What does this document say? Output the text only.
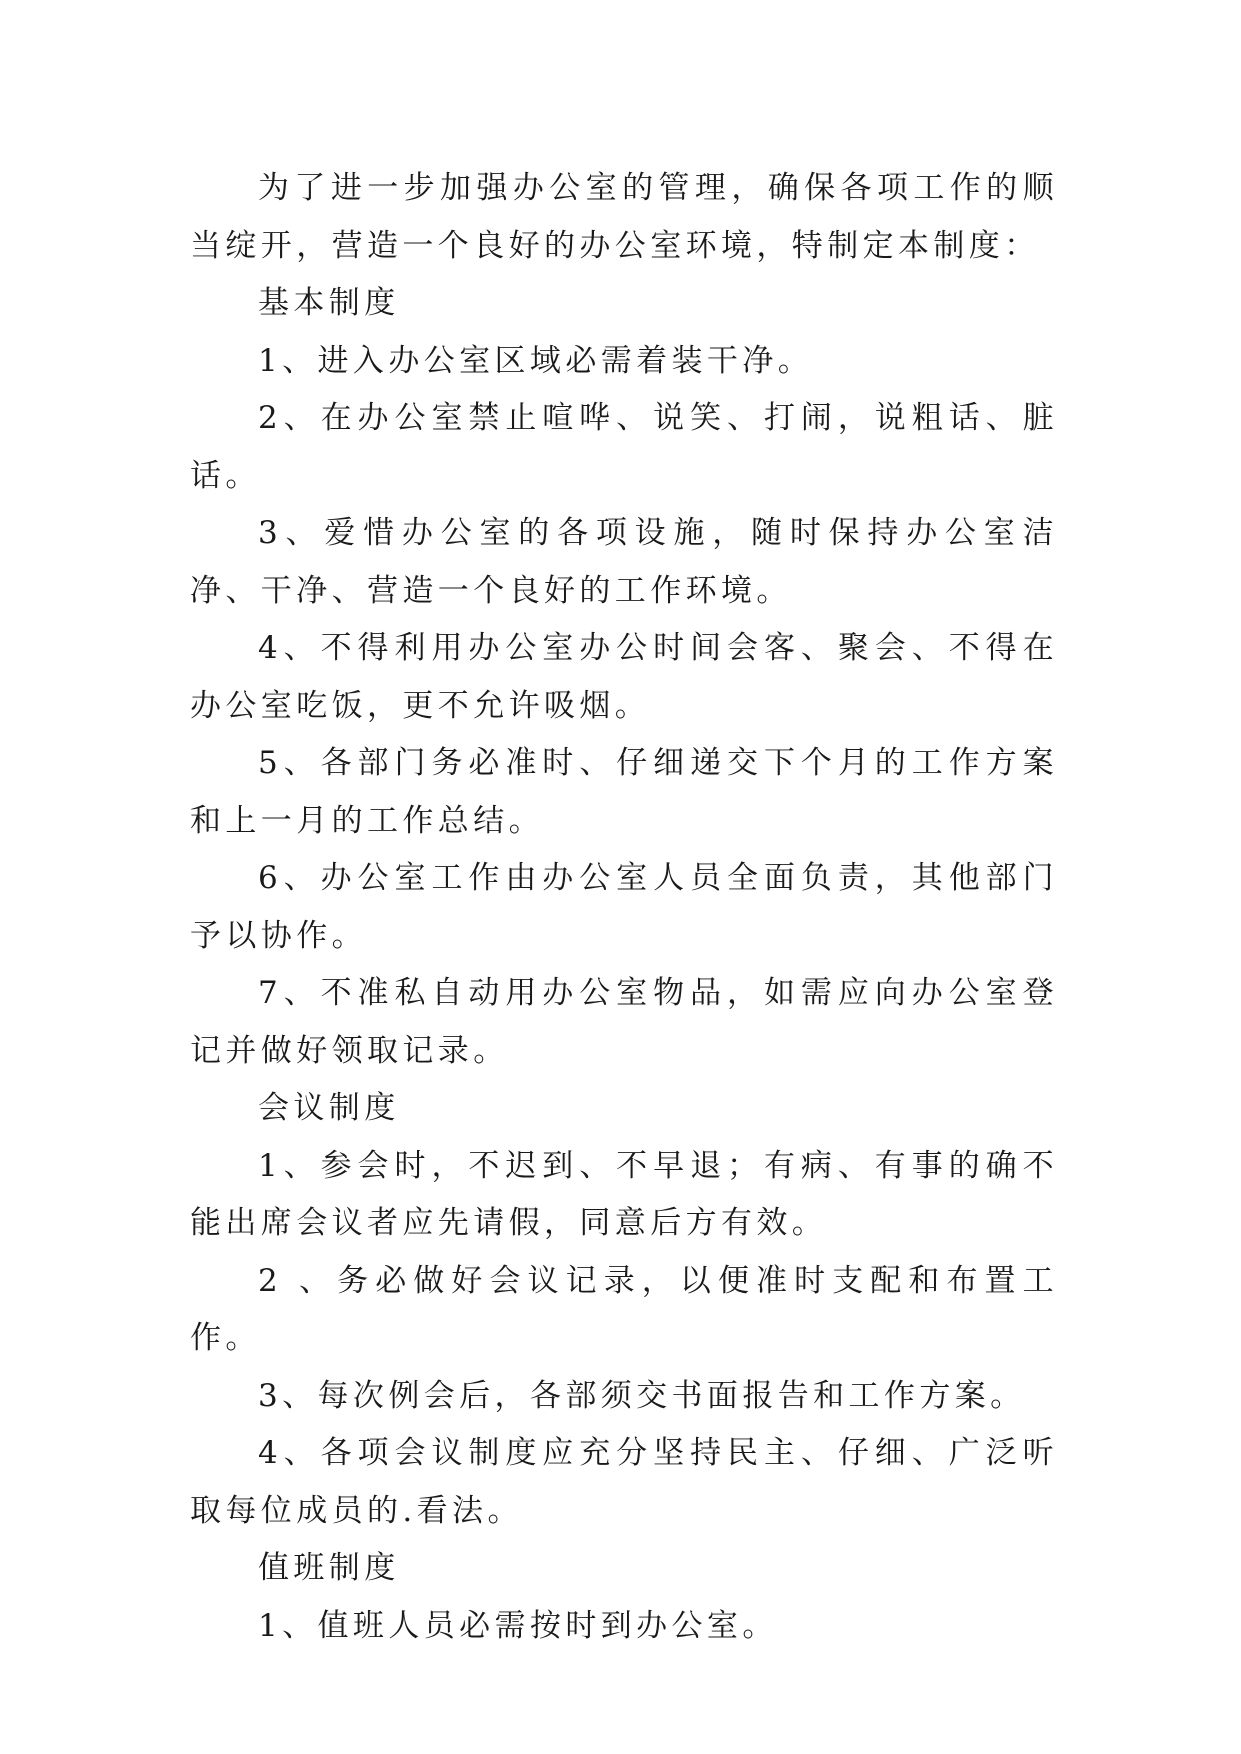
为了进一步加强办公室的管理，确保各项工作的顺当绽开，营造一个良好的办公室环境，特制定本制度：

基本制度

1、进入办公室区域必需着装干净。

2、在办公室禁止喧哗、说笑、打闹，说粗话、脏话。

3、爱惜办公室的各项设施，随时保持办公室洁净、干净、营造一个良好的工作环境。

4、不得利用办公室办公时间会客、聚会、不得在办公室吃饭，更不允许吸烟。

5、各部门务必准时、仔细递交下个月的工作方案和上一月的工作总结。

6、办公室工作由办公室人员全面负责，其他部门予以协作。

7、不准私自动用办公室物品，如需应向办公室登记并做好领取记录。

会议制度

1、参会时，不迟到、不早退；有病、有事的确不能出席会议者应先请假，同意后方有效。

2 、务必做好会议记录，以便准时支配和布置工作。

3、每次例会后，各部须交书面报告和工作方案。

4、各项会议制度应充分坚持民主、仔细、广泛听取每位成员的.看法。

值班制度

1、值班人员必需按时到办公室。
